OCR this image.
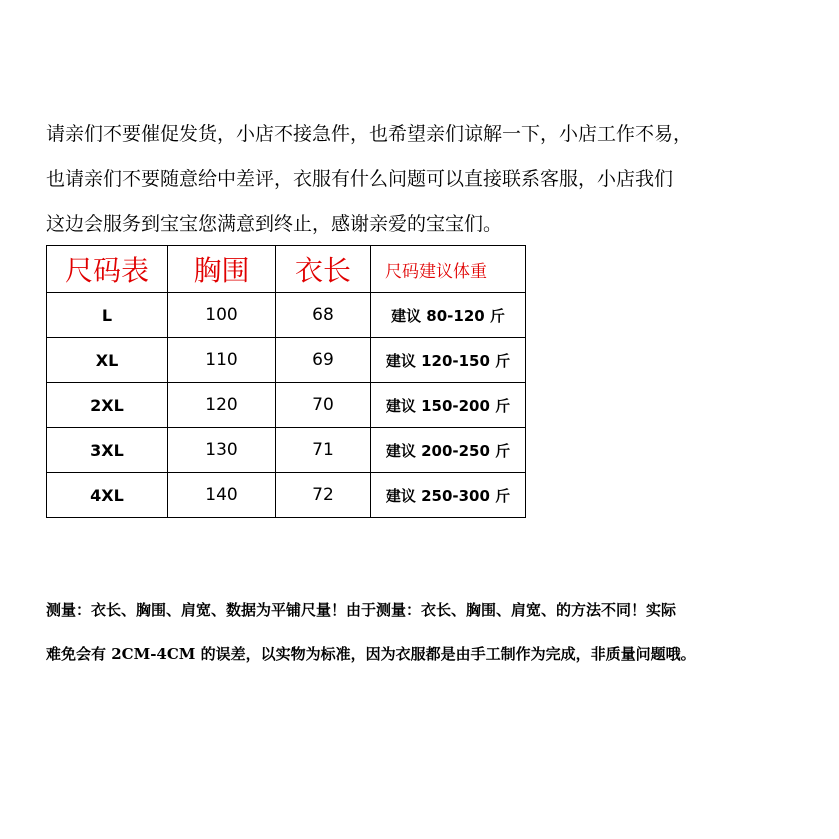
请亲们不要催促发货，小店不接急件，也希望亲们谅解一下，小店工作不易，
也请亲们不要随意给中差评，衣服有什么问题可以直接联系客服，小店我们
这边会服务到宝宝您满意到终止，感谢亲爱的宝宝们。
尺码表	胸围	衣长	尺码建议体重
L	100	68	建议 80-120 斤
XL	110	69	建议 120-150 斤
2XL	120	70	建议 150-200 斤
3XL	130	71	建议 200-250 斤
4XL	140	72	建议 250-300 斤
测量：衣长、胸围、肩宽、数据为平铺尺量！由于测量：衣长、胸围、肩宽、的方法不同！实际
难免会有 2CM-4CM 的误差，以实物为标准，因为衣服都是由手工制作为完成，非质量问题哦。
